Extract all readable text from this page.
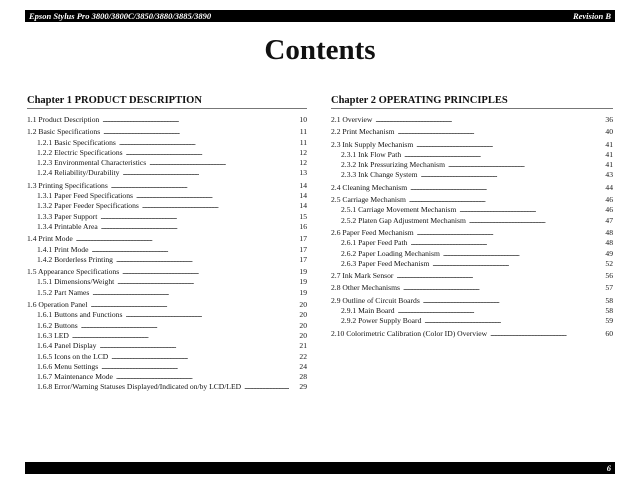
Epson Stylus Pro 3800/3800C/3850/3880/3885/3890	Revision B
Contents
Chapter 1 PRODUCT DESCRIPTION
1.1 Product Description . . .	10
1.2 Basic Specifications . . .	11
1.2.1 Basic Specifications . . .	11
1.2.2 Electric Specifications . . .	12
1.2.3 Environmental Characteristics . . .	12
1.2.4 Reliability/Durability . . .	13
1.3 Printing Specifications . . .	14
1.3.1 Paper Feed Specifications . . .	14
1.3.2 Paper Feeder Specifications . . .	14
1.3.3 Paper Support . . .	15
1.3.4 Printable Area . . .	16
1.4 Print Mode . . .	17
1.4.1 Print Mode . . .	17
1.4.2 Borderless Printing . . .	17
1.5 Appearance Specifications . . .	19
1.5.1 Dimensions/Weight . . .	19
1.5.2 Part Names . . .	19
1.6 Operation Panel . . .	20
1.6.1 Buttons and Functions . . .	20
1.6.2 Buttons . . .	20
1.6.3 LED . . .	20
1.6.4 Panel Display . . .	21
1.6.5 Icons on the LCD . . .	22
1.6.6 Menu Settings . . .	24
1.6.7 Maintenance Mode . . .	28
1.6.8 Error/Warning Statuses Displayed/Indicated on/by LCD/LED . . .	29
Chapter 2 OPERATING PRINCIPLES
2.1 Overview . . .	36
2.2 Print Mechanism . . .	40
2.3 Ink Supply Mechanism . . .	41
2.3.1 Ink Flow Path . . .	41
2.3.2 Ink Pressurizing Mechanism . . .	41
2.3.3 Ink Change System . . .	43
2.4 Cleaning Mechanism . . .	44
2.5 Carriage Mechanism . . .	46
2.5.1 Carriage Movement Mechanism . . .	46
2.5.2 Platen Gap Adjustment Mechanism . . .	47
2.6 Paper Feed Mechanism . . .	48
2.6.1 Paper Feed Path . . .	48
2.6.2 Paper Loading Mechanism . . .	49
2.6.3 Paper Feed Mechanism . . .	52
2.7 Ink Mark Sensor . . .	56
2.8 Other Mechanisms . . .	57
2.9 Outline of Circuit Boards . . .	58
2.9.1 Main Board . . .	58
2.9.2 Power Supply Board . . .	59
2.10 Colorimetric Calibration (Color ID) Overview . . .	60
6
